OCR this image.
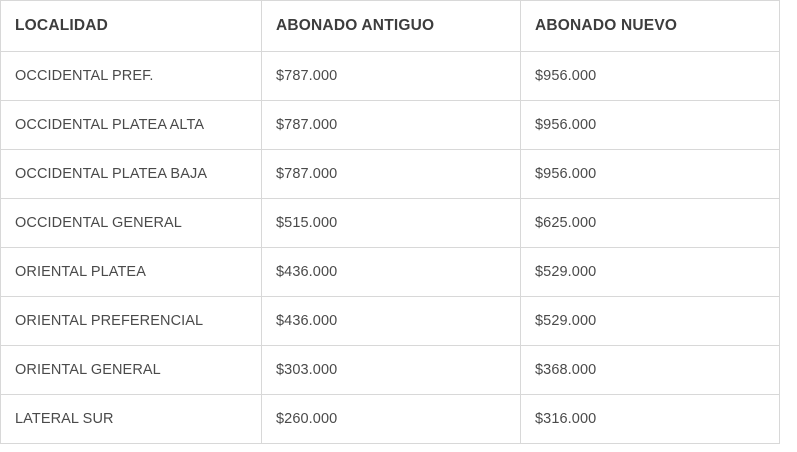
LOCALIDAD	ABONADO ANTIGUO	ABONADO NUEVO
OCCIDENTAL PREF.	$787.000	$956.000
OCCIDENTAL PLATEA ALTA	$787.000	$956.000
OCCIDENTAL PLATEA BAJA	$787.000	$956.000
OCCIDENTAL GENERAL	$515.000	$625.000
ORIENTAL PLATEA	$436.000	$529.000
ORIENTAL PREFERENCIAL	$436.000	$529.000
ORIENTAL GENERAL	$303.000	$368.000
LATERAL SUR	$260.000	$316.000
